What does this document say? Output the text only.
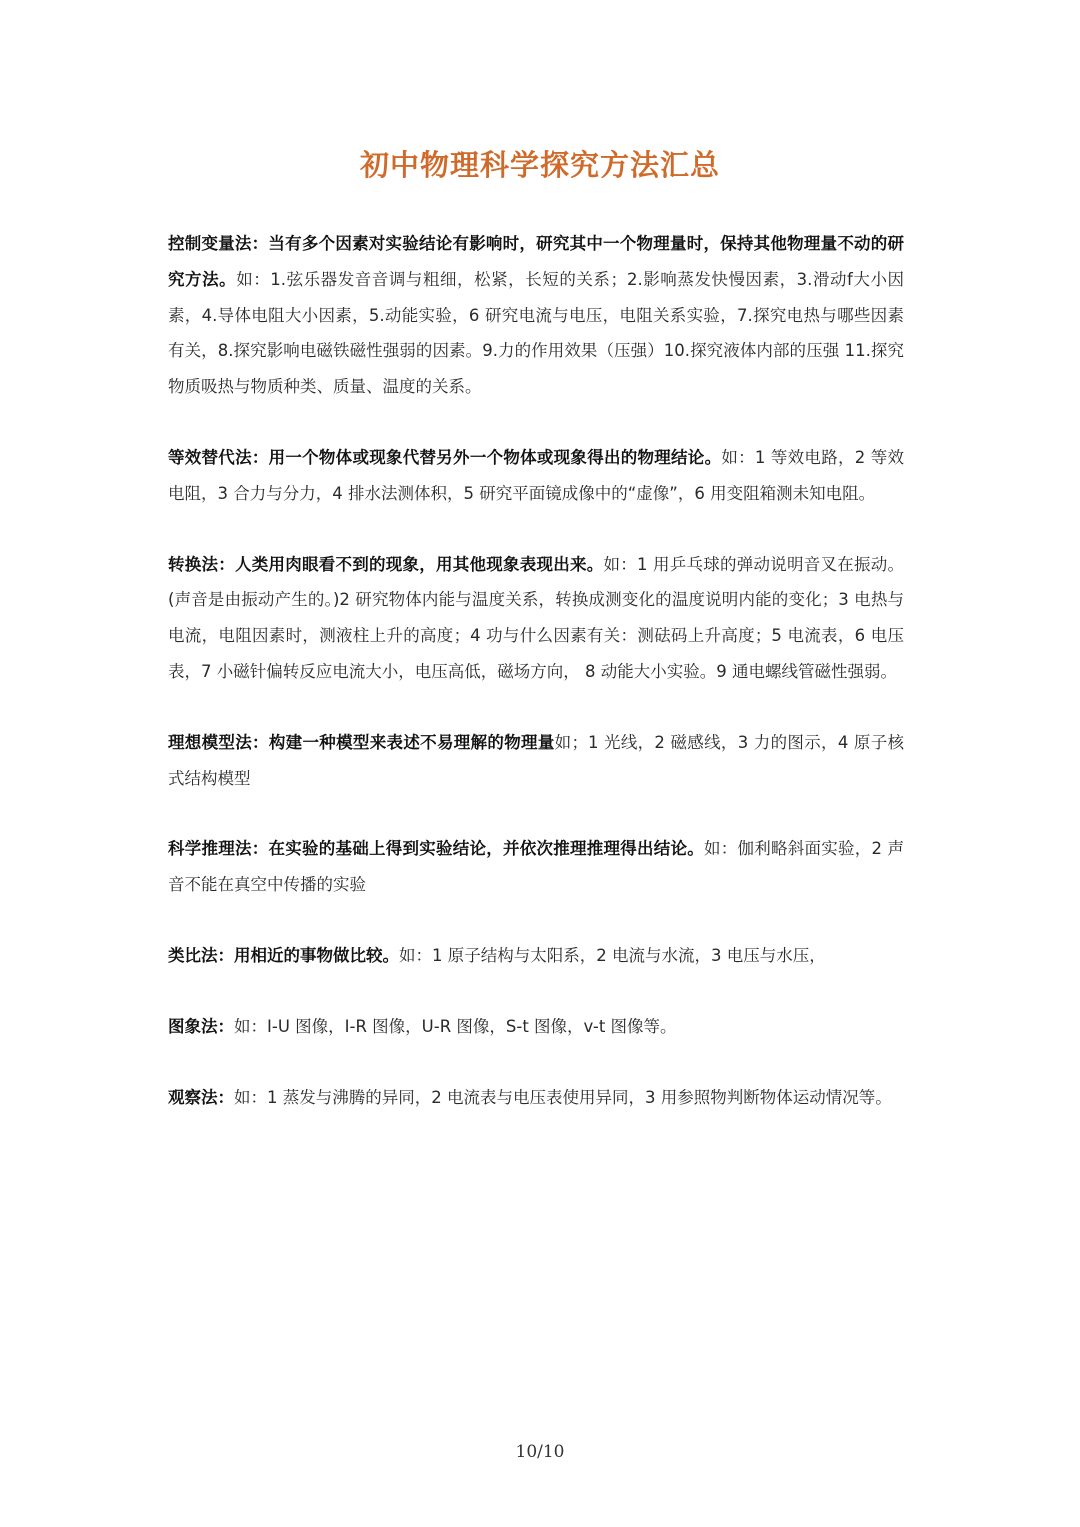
初中物理科学探究方法汇总

控制变量法：当有多个因素对实验结论有影响时，研究其中一个物理量时，保持其他物理量不动的研究方法。如：1.弦乐器发音音调与粗细，松紧，长短的关系；2.影响蒸发快慢因素，3.滑动f大小因素，4.导体电阻大小因素，5.动能实验，6 研究电流与电压，电阻关系实验，7.探究电热与哪些因素有关，8.探究影响电磁铁磁性强弱的因素。9.力的作用效果（压强）10.探究液体内部的压强 11.探究物质吸热与物质种类、质量、温度的关系。

等效替代法：用一个物体或现象代替另外一个物体或现象得出的物理结论。如：1 等效电路，2 等效电阻，3 合力与分力，4 排水法测体积，5 研究平面镜成像中的“虚像”，6 用变阻箱测未知电阻。

转换法：人类用肉眼看不到的现象，用其他现象表现出来。如：1 用乒乓球的弹动说明音叉在振动。(声音是由振动产生的。)2 研究物体内能与温度关系，转换成测变化的温度说明内能的变化；3 电热与电流，电阻因素时，测液柱上升的高度；4 功与什么因素有关：测砝码上升高度；5 电流表，6 电压表，7 小磁针偏转反应电流大小，电压高低，磁场方向， 8 动能大小实验。9 通电螺线管磁性强弱。

理想模型法：构建一种模型来表述不易理解的物理量如；1 光线，2 磁感线，3 力的图示，4 原子核式结构模型

科学推理法：在实验的基础上得到实验结论，并依次推理推理得出结论。如：伽利略斜面实验，2 声音不能在真空中传播的实验

类比法：用相近的事物做比较。如：1 原子结构与太阳系，2 电流与水流，3 电压与水压，

图象法：如：I-U 图像，I-R 图像，U-R 图像，S-t 图像，v-t 图像等。

观察法：如：1 蒸发与沸腾的异同，2 电流表与电压表使用异同，3 用参照物判断物体运动情况等。

10/10
